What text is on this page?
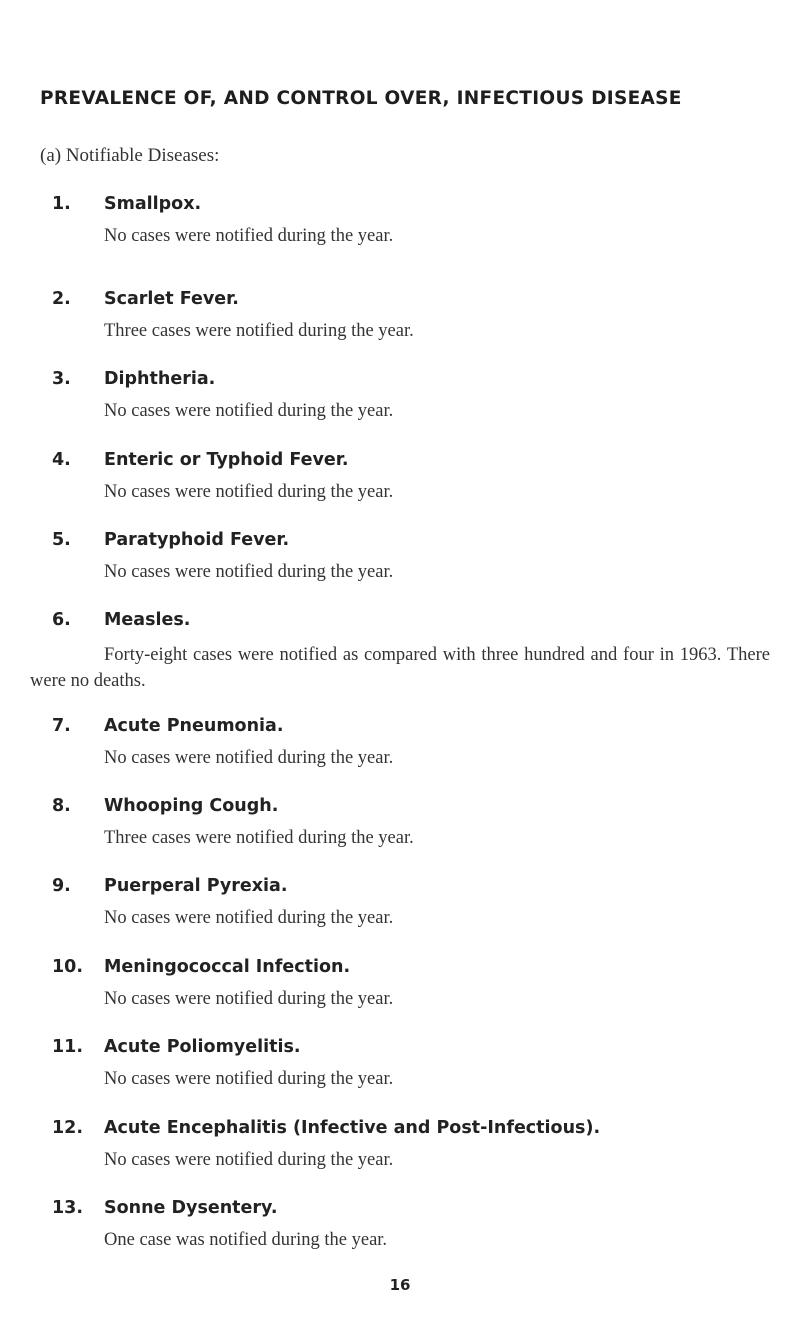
PREVALENCE OF, AND CONTROL OVER, INFECTIOUS DISEASE
(a) Notifiable Diseases:
1. Smallpox.
No cases were notified during the year.
2. Scarlet Fever.
Three cases were notified during the year.
3. Diphtheria.
No cases were notified during the year.
4. Enteric or Typhoid Fever.
No cases were notified during the year.
5. Paratyphoid Fever.
No cases were notified during the year.
6. Measles.
Forty-eight cases were notified as compared with three hundred and four in 1963. There were no deaths.
7. Acute Pneumonia.
No cases were notified during the year.
8. Whooping Cough.
Three cases were notified during the year.
9. Puerperal Pyrexia.
No cases were notified during the year.
10. Meningococcal Infection.
No cases were notified during the year.
11. Acute Poliomyelitis.
No cases were notified during the year.
12. Acute Encephalitis (Infective and Post-Infectious).
No cases were notified during the year.
13. Sonne Dysentery.
One case was notified during the year.
16
